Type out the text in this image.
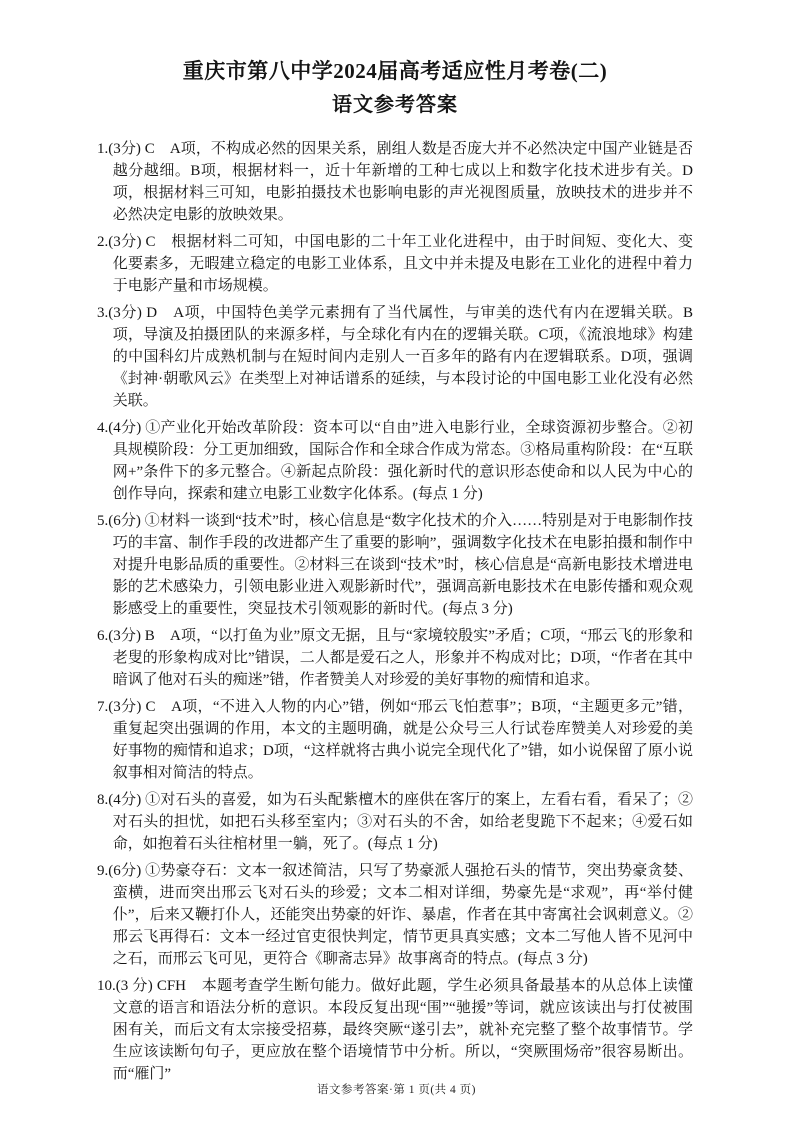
重庆市第八中学2024届高考适应性月考卷(二)
语文参考答案

1.(3分) C　A项，不构成必然的因果关系，剧组人数是否庞大并不必然决定中国产业链是否越分越细。B项，根据材料一，近十年新增的工种七成以上和数字化技术进步有关。D项，根据材料三可知，电影拍摄技术也影响电影的声光视图质量，放映技术的进步并不必然决定电影的放映效果。

2.(3分) C　根据材料二可知，中国电影的二十年工业化进程中，由于时间短、变化大、变化要素多，无暇建立稳定的电影工业体系，且文中并未提及电影在工业化的进程中着力于电影产量和市场规模。

3.(3分) D　A项，中国特色美学元素拥有了当代属性，与审美的迭代有内在逻辑关联。B项，导演及拍摄团队的来源多样，与全球化有内在的逻辑关联。C项，《流浪地球》构建的中国科幻片成熟机制与在短时间内走别人一百多年的路有内在逻辑联系。D项，强调《封神·朝歌风云》在类型上对神话谱系的延续，与本段讨论的中国电影工业化没有必然关联。

4.(4分) ①产业化开始改革阶段：资本可以“自由”进入电影行业，全球资源初步整合。②初具规模阶段：分工更加细致，国际合作和全球合作成为常态。③格局重构阶段：在“互联网+”条件下的多元整合。④新起点阶段：强化新时代的意识形态使命和以人民为中心的创作导向，探索和建立电影工业数字化体系。(每点 1 分)

5.(6分) ①材料一谈到“技术”时，核心信息是“数字化技术的介入……特别是对于电影制作技巧的丰富、制作手段的改进都产生了重要的影响”，强调数字化技术在电影拍摄和制作中对提升电影品质的重要性。②材料三在谈到“技术”时，核心信息是“高新电影技术增进电影的艺术感染力，引领电影业进入观影新时代”，强调高新电影技术在电影传播和观众观影感受上的重要性，突显技术引领观影的新时代。(每点 3 分)

6.(3分) B　A项，“以打鱼为业”原文无据，且与“家境较殷实”矛盾；C项，“邢云飞的形象和老叟的形象构成对比”错误，二人都是爱石之人，形象并不构成对比；D项，“作者在其中暗讽了他对石头的痴迷”错，作者赞美人对珍爱的美好事物的痴情和追求。

7.(3分) C　A项，“不进入人物的内心”错，例如“邢云飞怕惹事”；B项，“主题更多元”错，重复起突出强调的作用，本文的主题明确，就是公众号三人行试卷库赞美人对珍爱的美好事物的痴情和追求；D项，“这样就将古典小说完全现代化了”错，如小说保留了原小说叙事相对简洁的特点。

8.(4分) ①对石头的喜爱，如为石头配紫檀木的座供在客厅的案上，左看右看，看呆了；②对石头的担忧，如把石头移至室内；③对石头的不舍，如给老叟跪下不起来；④爱石如命，如抱着石头往棺材里一躺，死了。(每点 1 分)

9.(6分) ①势豪夺石：文本一叙述简洁，只写了势豪派人强抢石头的情节，突出势豪贪婪、蛮横，进而突出邢云飞对石头的珍爱；文本二相对详细，势豪先是“求观”，再“举付健仆”，后来又鞭打仆人，还能突出势豪的奸诈、暴虐，作者在其中寄寓社会讽刺意义。②邢云飞再得石：文本一经过官吏很快判定，情节更具真实感；文本二写他人皆不见河中之石，而邢云飞可见，更符合《聊斋志异》故事离奇的特点。(每点 3 分)

10.(3 分) CFH　本题考查学生断句能力。做好此题，学生必须具备最基本的从总体上读懂文意的语言和语法分析的意识。本段反复出现“围”“驰援”等词，就应该读出与打仗被围困有关，而后文有太宗接受招募，最终突厥“遂引去”，就补充完整了整个故事情节。学生应该读断句句子，更应放在整个语境情节中分析。所以，“突厥围炀帝”很容易断出。而“雁门”

语文参考答案·第 1 页(共 4 页)
